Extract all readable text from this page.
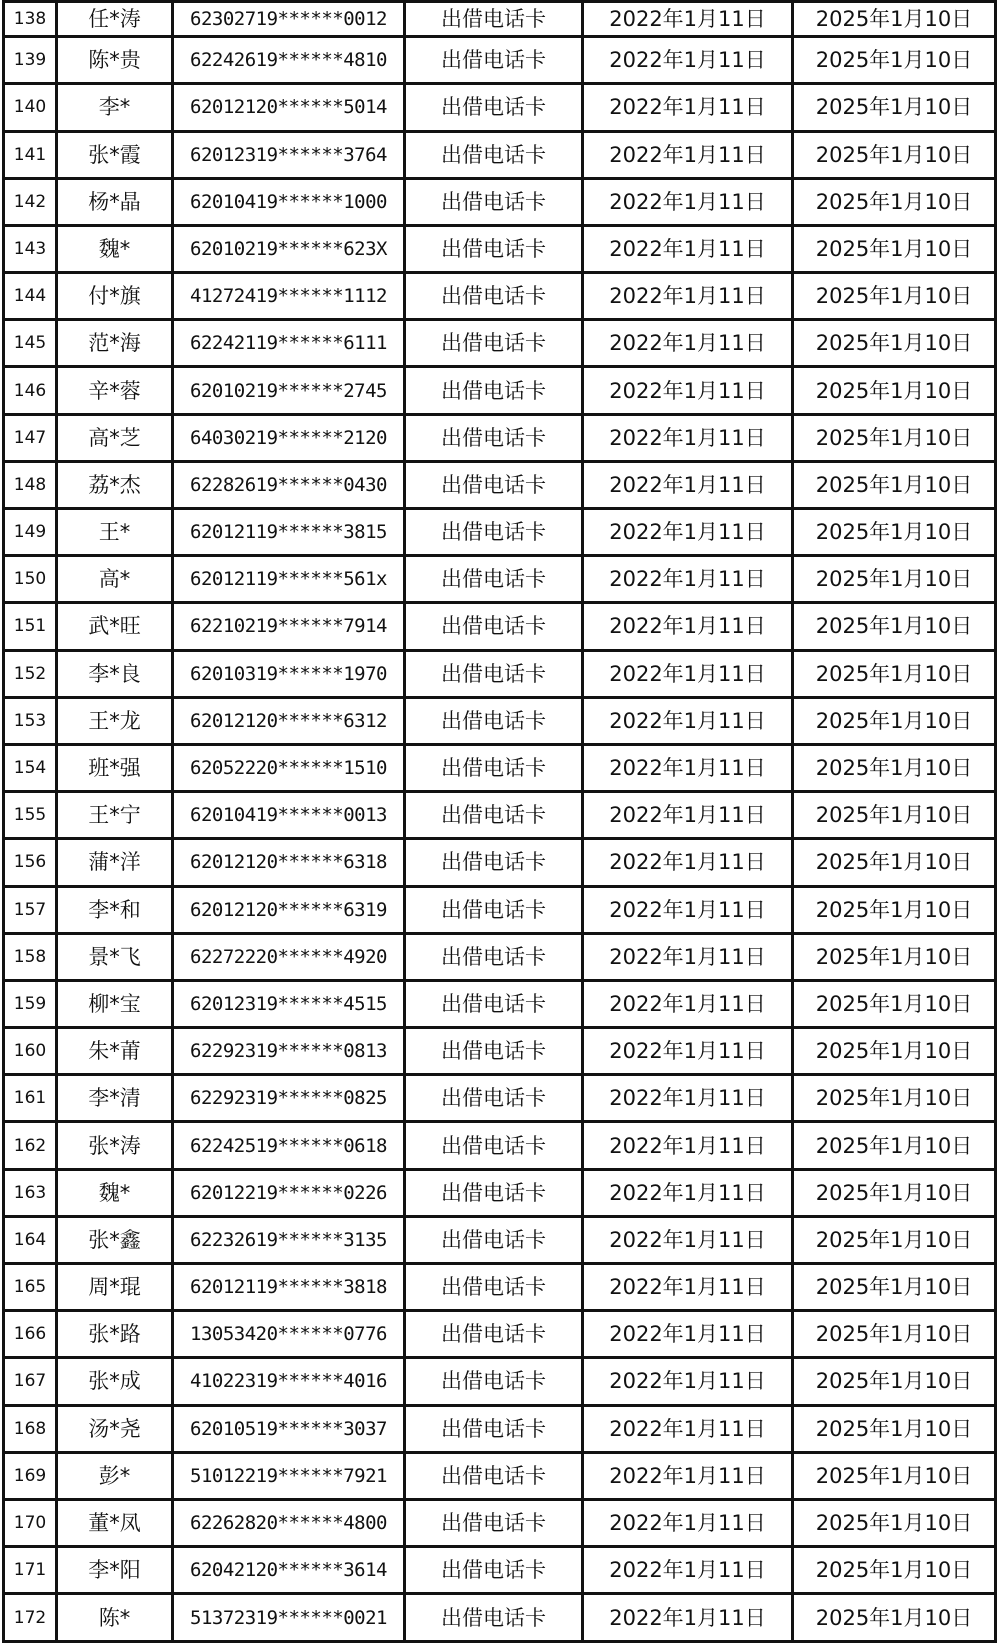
138	任*涛	62302719******0012	出借电话卡	2022年1月11日	2025年1月10日
139	陈*贵	62242619******4810	出借电话卡	2022年1月11日	2025年1月10日
140	李*	62012120******5014	出借电话卡	2022年1月11日	2025年1月10日
141	张*霞	62012319******3764	出借电话卡	2022年1月11日	2025年1月10日
142	杨*晶	62010419******1000	出借电话卡	2022年1月11日	2025年1月10日
143	魏*	62010219******623X	出借电话卡	2022年1月11日	2025年1月10日
144	付*旗	41272419******1112	出借电话卡	2022年1月11日	2025年1月10日
145	范*海	62242119******6111	出借电话卡	2022年1月11日	2025年1月10日
146	辛*蓉	62010219******2745	出借电话卡	2022年1月11日	2025年1月10日
147	高*芝	64030219******2120	出借电话卡	2022年1月11日	2025年1月10日
148	荔*杰	62282619******0430	出借电话卡	2022年1月11日	2025年1月10日
149	王*	62012119******3815	出借电话卡	2022年1月11日	2025年1月10日
150	高*	62012119******561x	出借电话卡	2022年1月11日	2025年1月10日
151	武*旺	62210219******7914	出借电话卡	2022年1月11日	2025年1月10日
152	李*良	62010319******1970	出借电话卡	2022年1月11日	2025年1月10日
153	王*龙	62012120******6312	出借电话卡	2022年1月11日	2025年1月10日
154	班*强	62052220******1510	出借电话卡	2022年1月11日	2025年1月10日
155	王*宁	62010419******0013	出借电话卡	2022年1月11日	2025年1月10日
156	蒲*洋	62012120******6318	出借电话卡	2022年1月11日	2025年1月10日
157	李*和	62012120******6319	出借电话卡	2022年1月11日	2025年1月10日
158	景*飞	62272220******4920	出借电话卡	2022年1月11日	2025年1月10日
159	柳*宝	62012319******4515	出借电话卡	2022年1月11日	2025年1月10日
160	朱*莆	62292319******0813	出借电话卡	2022年1月11日	2025年1月10日
161	李*清	62292319******0825	出借电话卡	2022年1月11日	2025年1月10日
162	张*涛	62242519******0618	出借电话卡	2022年1月11日	2025年1月10日
163	魏*	62012219******0226	出借电话卡	2022年1月11日	2025年1月10日
164	张*鑫	62232619******3135	出借电话卡	2022年1月11日	2025年1月10日
165	周*琨	62012119******3818	出借电话卡	2022年1月11日	2025年1月10日
166	张*路	13053420******0776	出借电话卡	2022年1月11日	2025年1月10日
167	张*成	41022319******4016	出借电话卡	2022年1月11日	2025年1月10日
168	汤*尧	62010519******3037	出借电话卡	2022年1月11日	2025年1月10日
169	彭*	51012219******7921	出借电话卡	2022年1月11日	2025年1月10日
170	董*凤	62262820******4800	出借电话卡	2022年1月11日	2025年1月10日
171	李*阳	62042120******3614	出借电话卡	2022年1月11日	2025年1月10日
172	陈*	51372319******0021	出借电话卡	2022年1月11日	2025年1月10日
